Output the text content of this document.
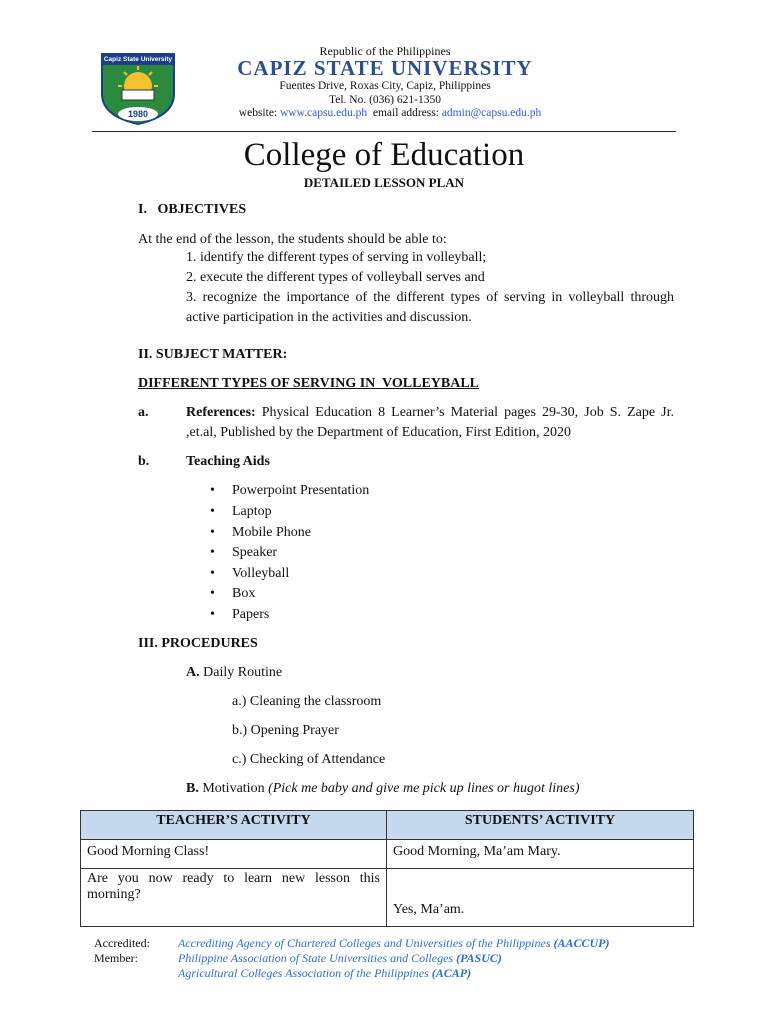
Capiz State University
1980
Republic of the Philippines
CAPIZ STATE UNIVERSITY
Fuentes Drive, Roxas City, Capiz, Philippines
Tel. No. (036) 621-1350
website: www.capsu.edu.ph email address: admin@capsu.edu.ph
College of Education
DETAILED LESSON PLAN
I.   OBJECTIVES
At the end of the lesson, the students should be able to:
1. identify the different types of serving in volleyball;
2. execute the different types of volleyball serves and
3. recognize the importance of the different types of serving in volleyball through active participation in the activities and discussion.
II. SUBJECT MATTER:
DIFFERENT TYPES OF SERVING IN  VOLLEYBALL
a.	References: Physical Education 8 Learner’s Material pages 29-30, Job S. Zape Jr. ,et.al, Published by the Department of Education, First Edition, 2020
b.	Teaching Aids
• Powerpoint Presentation
• Laptop
• Mobile Phone
• Speaker
• Volleyball
• Box
• Papers
III. PROCEDURES
A. Daily Routine
a.) Cleaning the classroom
b.) Opening Prayer
c.) Checking of Attendance
B. Motivation (Pick me baby and give me pick up lines or hugot lines)
TEACHER’S ACTIVITY	STUDENTS’ ACTIVITY
Good Morning Class!	Good Morning, Ma’am Mary.
Are you now ready to learn new lesson this morning?	Yes, Ma’am.
Accredited:
Member:
Accrediting Agency of Chartered Colleges and Universities of the Philippines (AACCUP)
Philippine Association of State Universities and Colleges (PASUC)
Agricultural Colleges Association of the Philippines (ACAP)
